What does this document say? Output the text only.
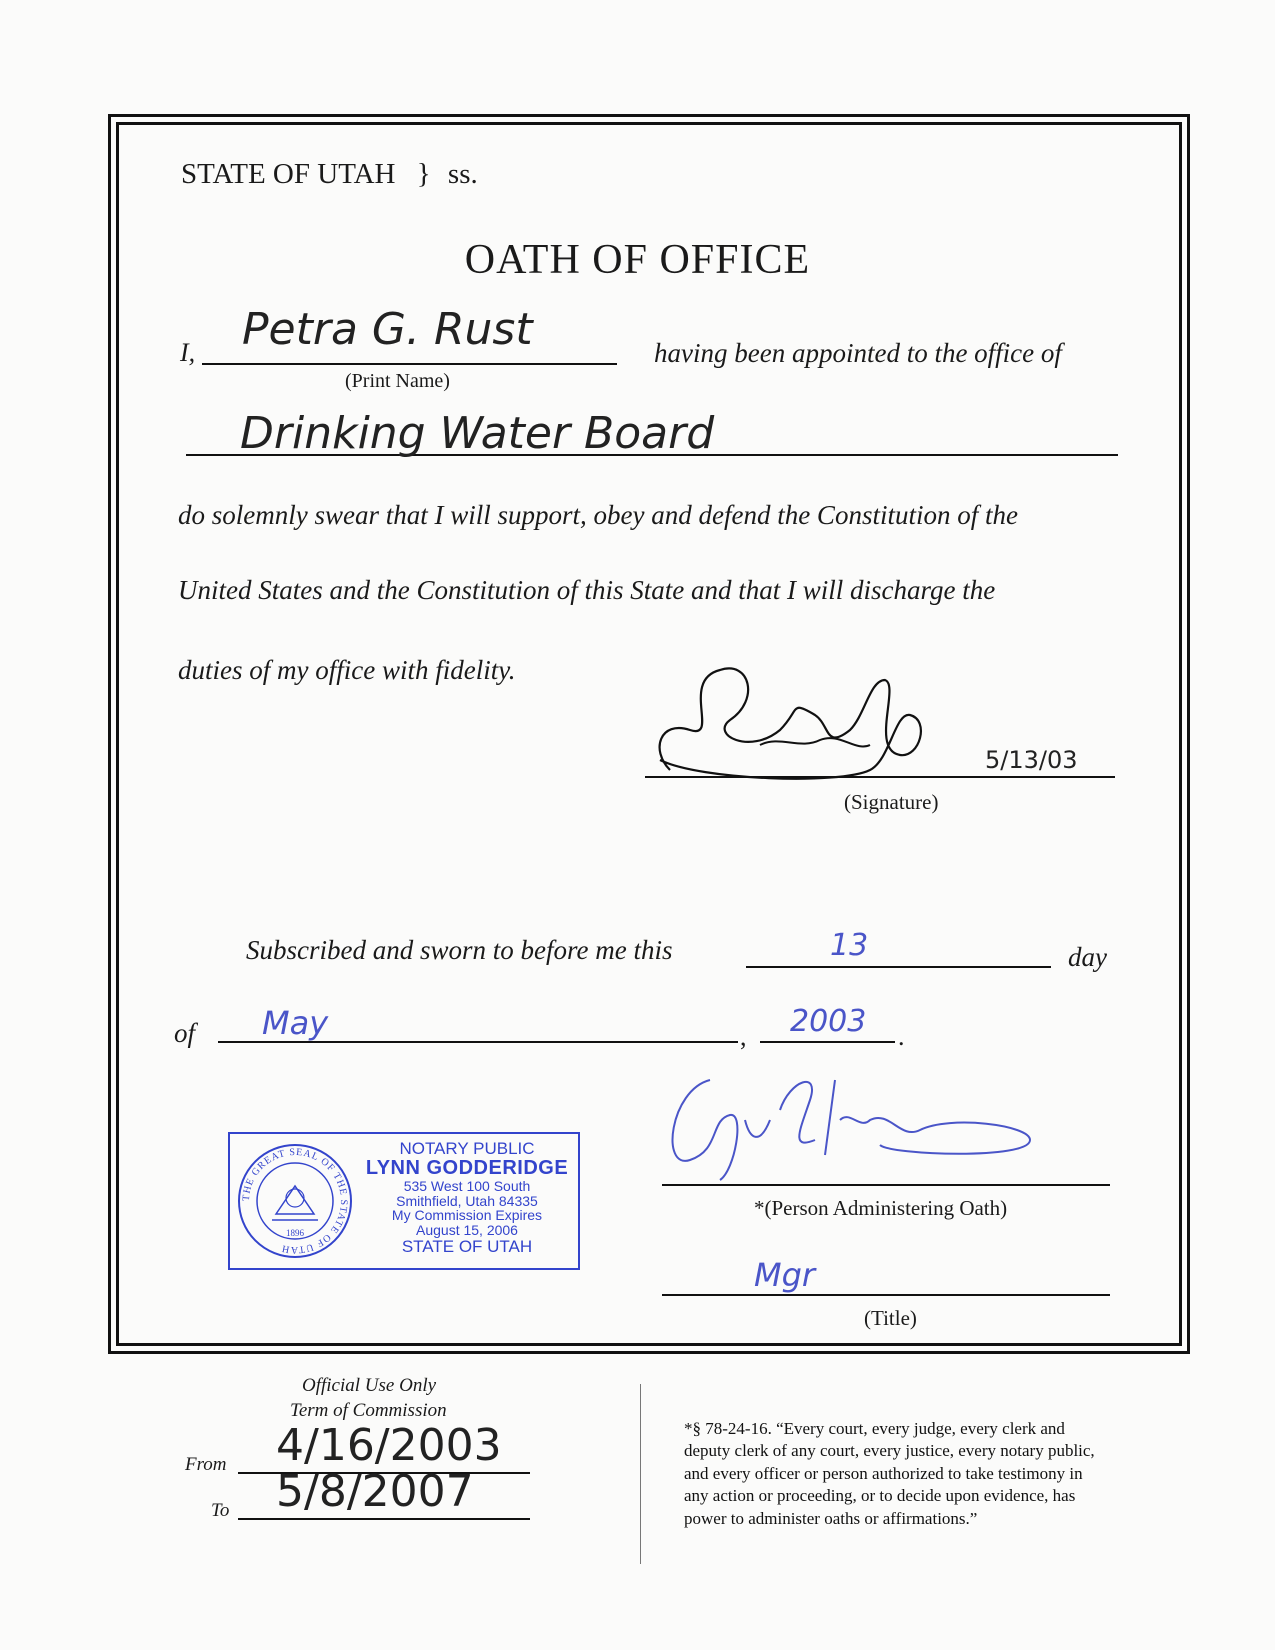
STATE OF UTAH } ss.
OATH OF OFFICE
I, Petra G. Rust
(Print Name)
having been appointed to the office of
Drinking Water Board
do solemnly swear that I will support, obey and defend the Constitution of the
United States and the Constitution of this State and that I will discharge the
duties of my office with fidelity.
5/13/03
(Signature)
Subscribed and sworn to before me this	13	day
of May	, 2003 .
THE GREAT SEAL OF THE STATE OF UTAH
1896
NOTARY PUBLIC
LYNN GODDERIDGE
535 West 100 South
Smithfield, Utah 84335
My Commission Expires
August 15, 2006
STATE OF UTAH
*(Person Administering Oath)
Mgr
(Title)
Official Use Only
Term of Commission
From 4/16/2003
To 5/8/2007
*§ 78-24-16. “Every court, every judge, every clerk and
deputy clerk of any court, every justice, every notary public,
and every officer or person authorized to take testimony in
any action or proceeding, or to decide upon evidence, has
power to administer oaths or affirmations.”
